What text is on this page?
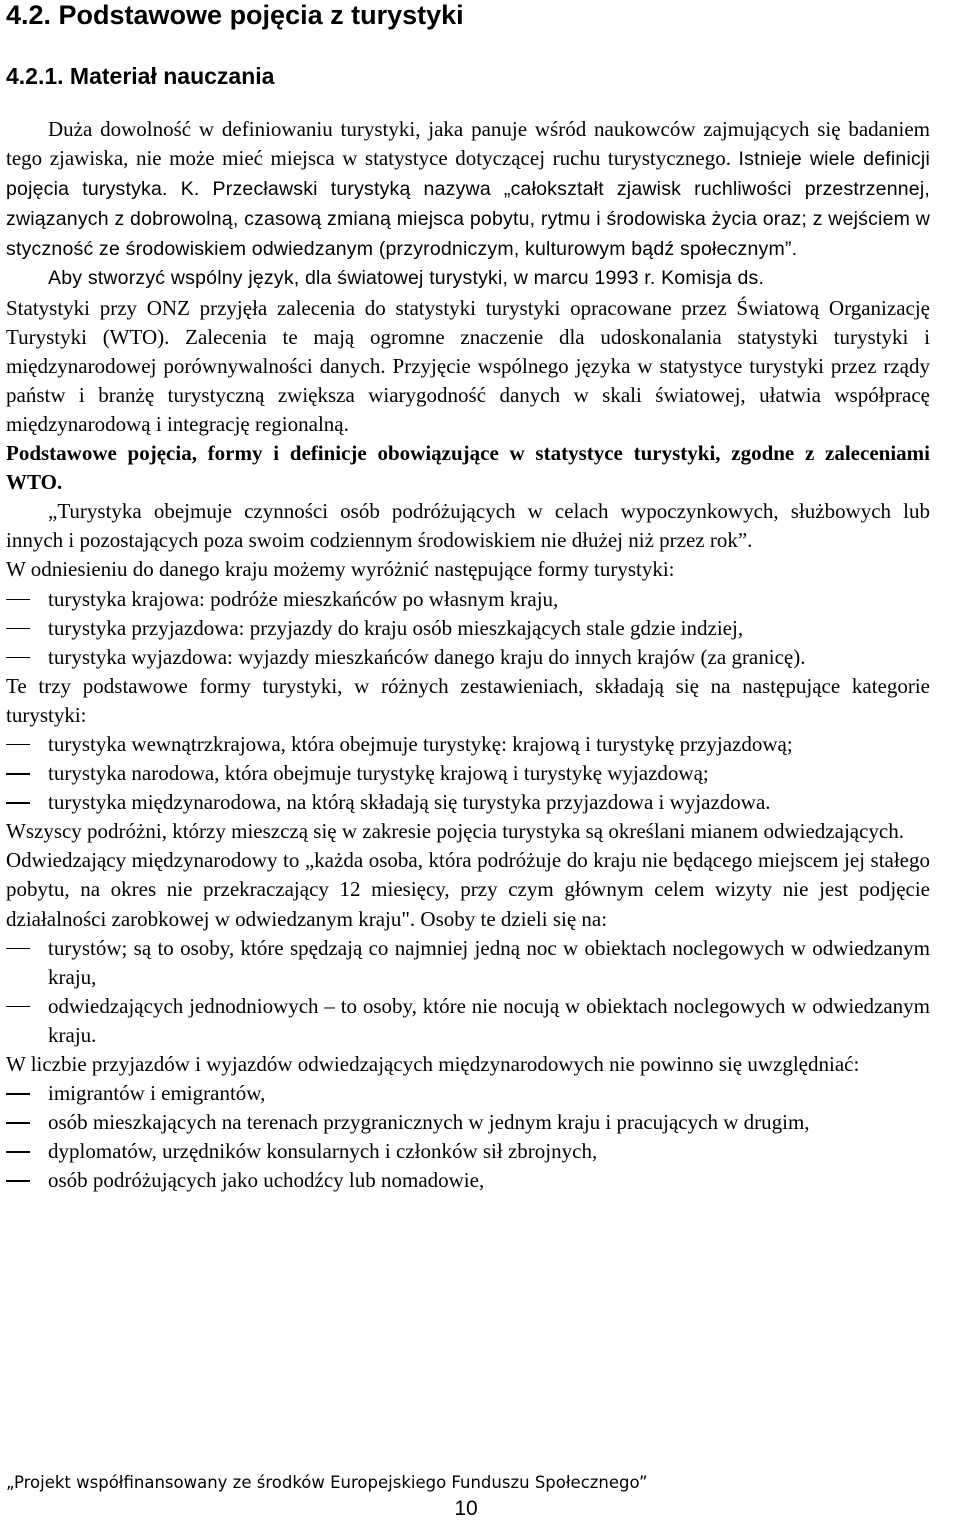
4.2. Podstawowe pojęcia z turystyki
4.2.1. Materiał nauczania

Duża dowolność w definiowaniu turystyki, jaka panuje wśród naukowców zajmujących się badaniem tego zjawiska, nie może mieć miejsca w statystyce dotyczącej ruchu turystycznego. Istnieje wiele definicji pojęcia turystyka. K. Przecławski turystyką nazywa „całokształt zjawisk ruchliwości przestrzennej, związanych z dobrowolną, czasową zmianą miejsca pobytu, rytmu i środowiska życia oraz; z wejściem w styczność ze środowiskiem odwiedzanym (przyrodniczym, kulturowym bądź społecznym”.

Aby stworzyć wspólny język, dla światowej turystyki, w marcu 1993 r. Komisja ds.

Statystyki przy ONZ przyjęła zalecenia do statystyki turystyki opracowane przez Światową Organizację Turystyki (WTO). Zalecenia te mają ogromne znaczenie dla udoskonalania statystyki turystyki i międzynarodowej porównywalności danych. Przyjęcie wspólnego języka w statystyce turystyki przez rządy państw i branżę turystyczną zwiększa wiarygodność danych w skali światowej, ułatwia współpracę międzynarodową i integrację regionalną.

Podstawowe pojęcia, formy i definicje obowiązujące w statystyce turystyki, zgodne z zaleceniami WTO.

„Turystyka obejmuje czynności osób podróżujących w celach wypoczynkowych, służbowych lub innych i pozostających poza swoim codziennym środowiskiem nie dłużej niż przez rok”.

W odniesieniu do danego kraju możemy wyróżnić następujące formy turystyki:

turystyka krajowa: podróże mieszkańców po własnym kraju,
turystyka przyjazdowa: przyjazdy do kraju osób mieszkających stale gdzie indziej,
turystyka wyjazdowa: wyjazdy mieszkańców danego kraju do innych krajów (za granicę).

Te trzy podstawowe formy turystyki, w różnych zestawieniach, składają się na następujące kategorie turystyki:

turystyka wewnątrzkrajowa, która obejmuje turystykę: krajową i turystykę przyjazdową;
turystyka narodowa, która obejmuje turystykę krajową i turystykę wyjazdową;
turystyka międzynarodowa, na którą składają się turystyka przyjazdowa i wyjazdowa.

Wszyscy podróżni, którzy mieszczą się w zakresie pojęcia turystyka są określani mianem odwiedzających.

Odwiedzający międzynarodowy to „każda osoba, która podróżuje do kraju nie będącego miejscem jej stałego pobytu, na okres nie przekraczający 12 miesięcy, przy czym głównym celem wizyty nie jest podjęcie działalności zarobkowej w odwiedzanym kraju". Osoby te dzieli się na:

turystów; są to osoby, które spędzają co najmniej jedną noc w obiektach noclegowych w odwiedzanym kraju,
odwiedzających jednodniowych – to osoby, które nie nocują w obiektach noclegowych w odwiedzanym kraju.

W liczbie przyjazdów i wyjazdów odwiedzających międzynarodowych nie powinno się uwzględniać:

imigrantów i emigrantów,
osób mieszkających na terenach przygranicznych w jednym kraju i pracujących w drugim,
dyplomatów, urzędników konsularnych i członków sił zbrojnych,
osób podróżujących jako uchodźcy lub nomadowie,
„Projekt współfinansowany ze środków Europejskiego Funduszu Społecznego”
10
